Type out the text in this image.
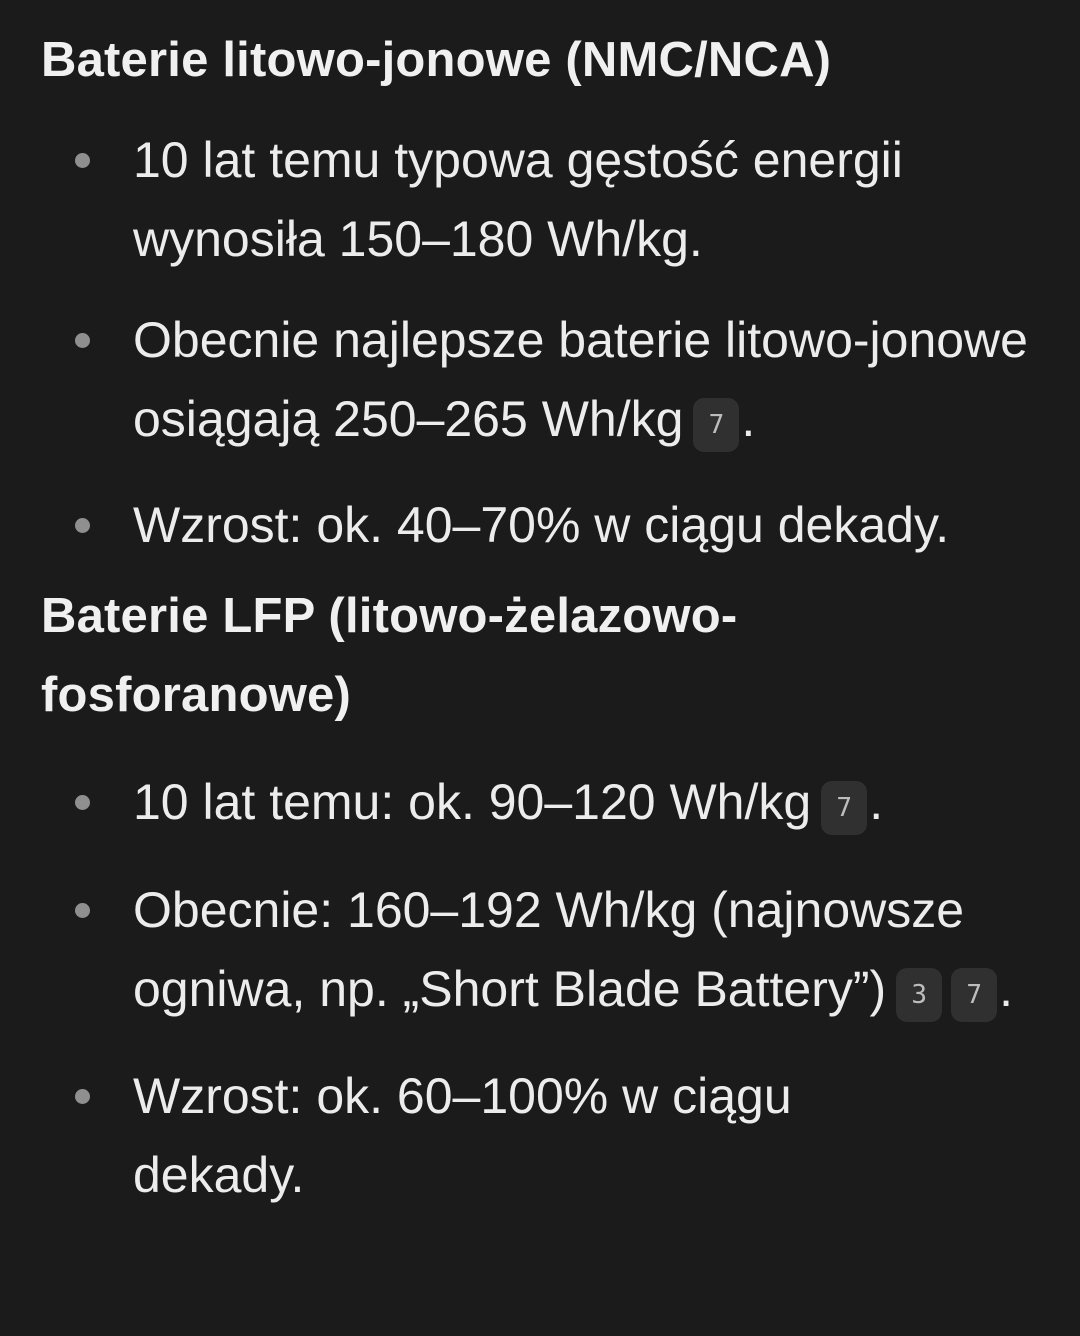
Baterie litowo-jonowe (NMC/NCA)
10 lat temu typowa gęstość energii wynosiła 150–180 Wh/kg.
Obecnie najlepsze baterie litowo-jonowe osiągają 250–265 Wh/kg 7 .
Wzrost: ok. 40–70% w ciągu dekady.
Baterie LFP (litowo-żelazowo-fosforanowe)
10 lat temu: ok. 90–120 Wh/kg 7 .
Obecnie: 160–192 Wh/kg (najnowsze ogniwa, np. „Short Blade Battery”) 3 7 .
Wzrost: ok. 60–100% w ciągu dekady.
